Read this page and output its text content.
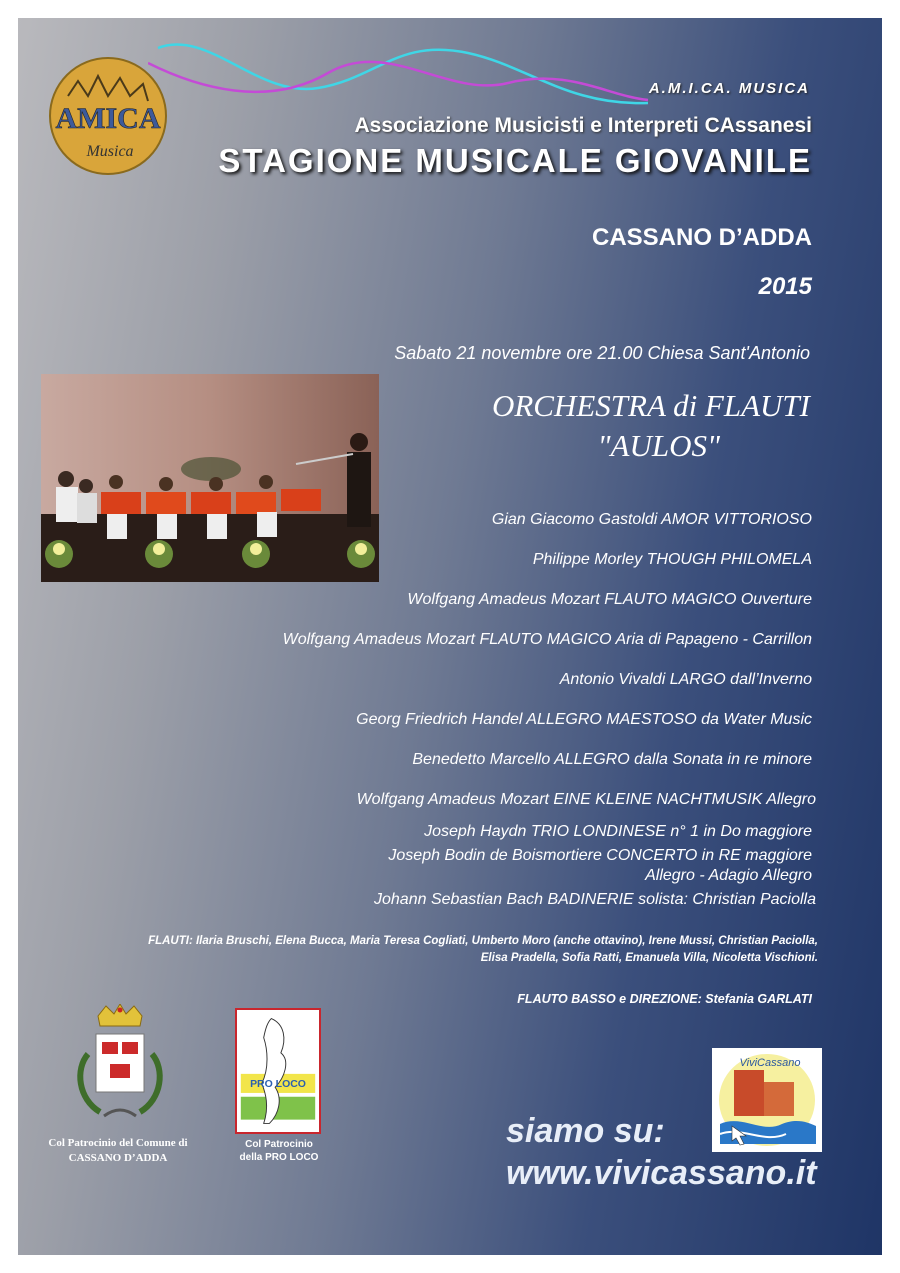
AMICA
Musica
A.M.I.CA. MUSICA
Associazione Musicisti e Interpreti CAssanesi
STAGIONE MUSICALE GIOVANILE
CASSANO D’ADDA
2015
Sabato 21 novembre ore 21.00 Chiesa Sant'Antonio
ORCHESTRA di FLAUTI
"AULOS"
Gian Giacomo Gastoldi AMOR VITTORIOSO
Philippe Morley THOUGH PHILOMELA
Wolfgang Amadeus Mozart FLAUTO MAGICO Ouverture
Wolfgang Amadeus Mozart FLAUTO MAGICO Aria di Papageno - Carrillon
Antonio Vivaldi LARGO dall’Inverno
Georg Friedrich Handel ALLEGRO MAESTOSO da Water Music
Benedetto Marcello ALLEGRO dalla Sonata in re minore
Wolfgang Amadeus Mozart EINE KLEINE NACHTMUSIK Allegro
Joseph Haydn TRIO LONDINESE n° 1 in Do maggiore
Joseph Bodin de Boismortiere CONCERTO in RE maggiore
Allegro - Adagio Allegro
Johann Sebastian Bach BADINERIE solista: Christian Paciolla
FLAUTI: Ilaria Bruschi, Elena Bucca, Maria Teresa Cogliati, Umberto Moro (anche ottavino), Irene Mussi, Christian Paciolla,
Elisa Pradella, Sofia Ratti, Emanuela Villa, Nicoletta Vischioni.
FLAUTO BASSO e DIREZIONE: Stefania GARLATI
Col Patrocinio del Comune di
CASSANO D’ADDA
PRO LOCO
Col Patrocinio
della PRO LOCO
ViviCassano
siamo su:
www.vivicassano.it
